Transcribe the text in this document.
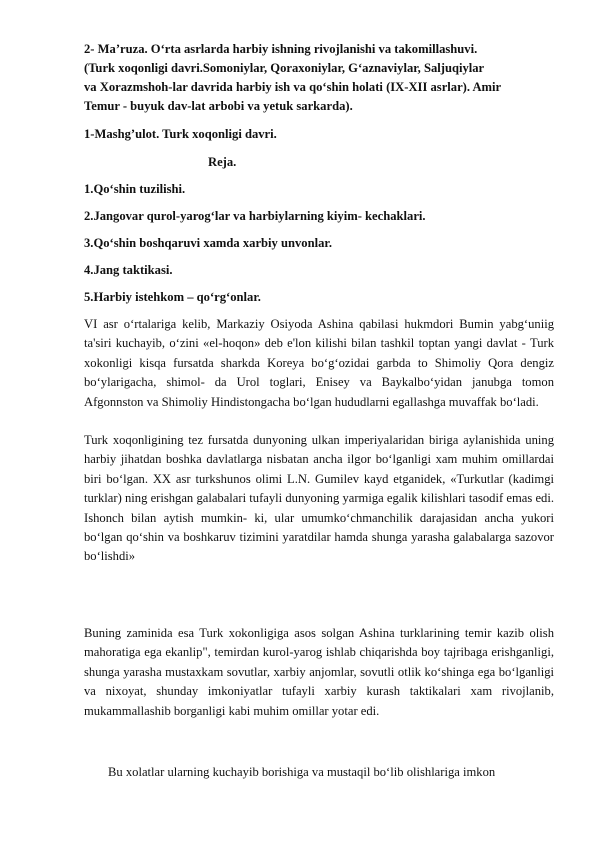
2- Ma’ruza. O‘rta asrlarda harbiy ishning rivojlanishi va takomillashuvi.
(Turk xoqonligi davri.Somoniylar, Qoraxoniylar, G‘aznaviylar, Saljuqiylar
va Xorazmshoh-lar davrida harbiy ish va qo‘shin holati (IX-XII asrlar). Amir
Temur - buyuk dav-lat arbobi va yetuk sarkarda).
1-Mashg’ulot. Turk xoqonligi davri.
Reja.
1.Qo‘shin tuzilishi.
2.Jangovar qurol-yarog‘lar va harbiylarning kiyim- kechaklari.
3.Qo‘shin boshqaruvi xamda xarbiy unvonlar.
4.Jang taktikasi.
5.Harbiy istehkom – qo‘rg‘onlar.
VI asr o‘rtalariga kelib, Markaziy Osiyoda Ashina qabilasi hukmdori Bumin yabg‘uniig ta'siri kuchayib, o‘zini «el-hoqon» deb e'lon kilishi bilan tashkil toptan yangi davlat - Turk xokonligi kisqa fursatda sharkda Koreya bo‘g‘ozidai garbda to Shimoliy Qora dengiz bo‘ylarigacha, shimol- da Urol toglari, Enisey va Baykalbo‘yidan janubga tomon Afgonnston va Shimoliy Hindistongacha bo‘lgan hududlarni egallashga muvaffak bo‘ladi.
Turk xoqonligining tez fursatda dunyoning ulkan imperiyalaridan biriga aylanishida uning harbiy jihatdan boshka davlatlarga nisbatan ancha ilgor bo‘lganligi xam muhim omillardai biri bo‘lgan. XX asr turkshunos olimi L.N. Gumilev kayd etganidek, «Turkutlar (kadimgi turklar) ning erishgan galabalari tufayli dunyoning yarmiga egalik kilishlari tasodif emas edi. Ishonch bilan aytish mumkin- ki, ular umumko‘chmanchilik darajasidan ancha yukori bo‘lgan qo‘shin va boshkaruv tizimini yaratdilar hamda shunga yarasha galabalarga sazovor bo‘lishdi»
Buning zaminida esa Turk xokonligiga asos solgan Ashina turklarining temir kazib olish mahoratiga ega ekanlip", temirdan kurol-yarog ishlab chiqarishda boy tajribaga erishganligi, shunga yarasha mustaxkam sovutlar, xarbiy anjomlar, sovutli otlik ko‘shinga ega bo‘lganligi va nixoyat, shunday imkoniyatlar tufayli xarbiy kurash taktikalari xam rivojlanib, mukammallashib borganligi kabi muhim omillar yotar edi.
Bu xolatlar ularning kuchayib borishiga va mustaqil bo‘lib olishlariga imkon
